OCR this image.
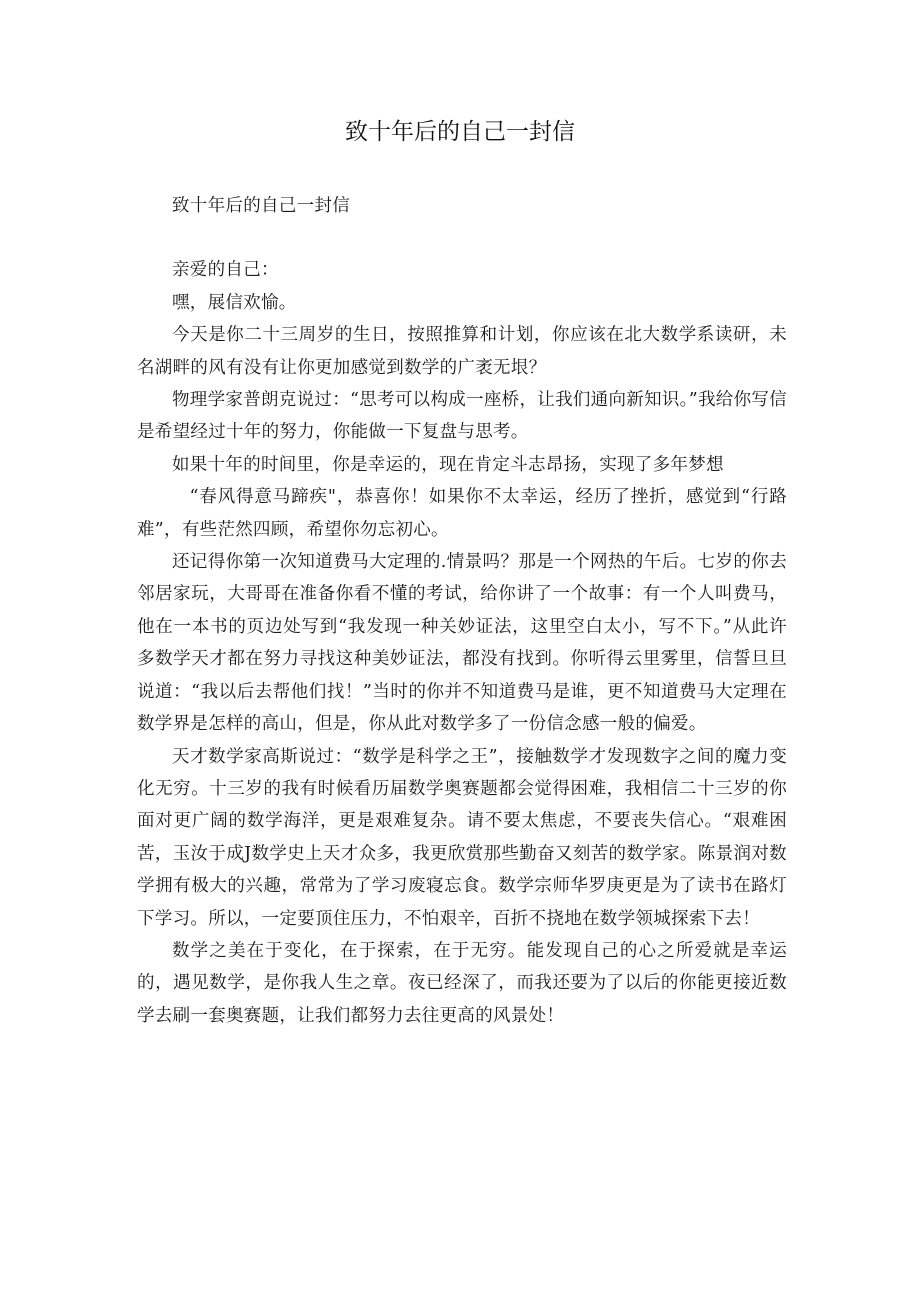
致十年后的自己一封信

致十年后的自己一封信

亲爱的自己：

嘿，展信欢愉。

今天是你二十三周岁的生日，按照推算和计划，你应该在北大数学系读研，未名湖畔的风有没有让你更加感觉到数学的广袤无垠？

物理学家普朗克说过：“思考可以构成一座桥，让我们通向新知识。”我给你写信是希望经过十年的努力，你能做一下复盘与思考。

如果十年的时间里，你是幸运的，现在肯定斗志昂扬，实现了多年梦想

“春风得意马蹄疾"，恭喜你！如果你不太幸运，经历了挫折，感觉到“行路难”，有些茫然四顾，希望你勿忘初心。

还记得你第一次知道费马大定理的.情景吗？那是一个网热的午后。七岁的你去邻居家玩，大哥哥在准备你看不懂的考试，给你讲了一个故事：有一个人叫费马，他在一本书的页边处写到“我发现一种关妙证法，这里空白太小，写不下。”从此许多数学天才都在努力寻找这种美妙证法，都没有找到。你听得云里雾里，信誓旦旦说道：“我以后去帮他们找！”当时的你并不知道费马是谁，更不知道费马大定理在数学界是怎样的高山，但是，你从此对数学多了一份信念感一般的偏爱。

天才数学家高斯说过：“数学是科学之王”，接触数学才发现数字之间的魔力变化无穷。十三岁的我有时候看历届数学奥赛题都会觉得困难，我相信二十三岁的你面对更广阔的数学海洋，更是艰难复杂。请不要太焦虑，不要丧失信心。“艰难困苦，玉汝于成J数学史上天才众多，我更欣赏那些勤奋又刻苦的数学家。陈景润对数学拥有极大的兴趣，常常为了学习废寝忘食。数学宗师华罗庚更是为了读书在路灯下学习。所以，一定要顶住压力，不怕艰辛，百折不挠地在数学领城探索下去！

数学之美在于变化，在于探索，在于无穷。能发现自己的心之所爱就是幸运的，遇见数学，是你我人生之章。夜已经深了，而我还要为了以后的你能更接近数学去刷一套奥赛题，让我们都努力去往更高的风景处！
